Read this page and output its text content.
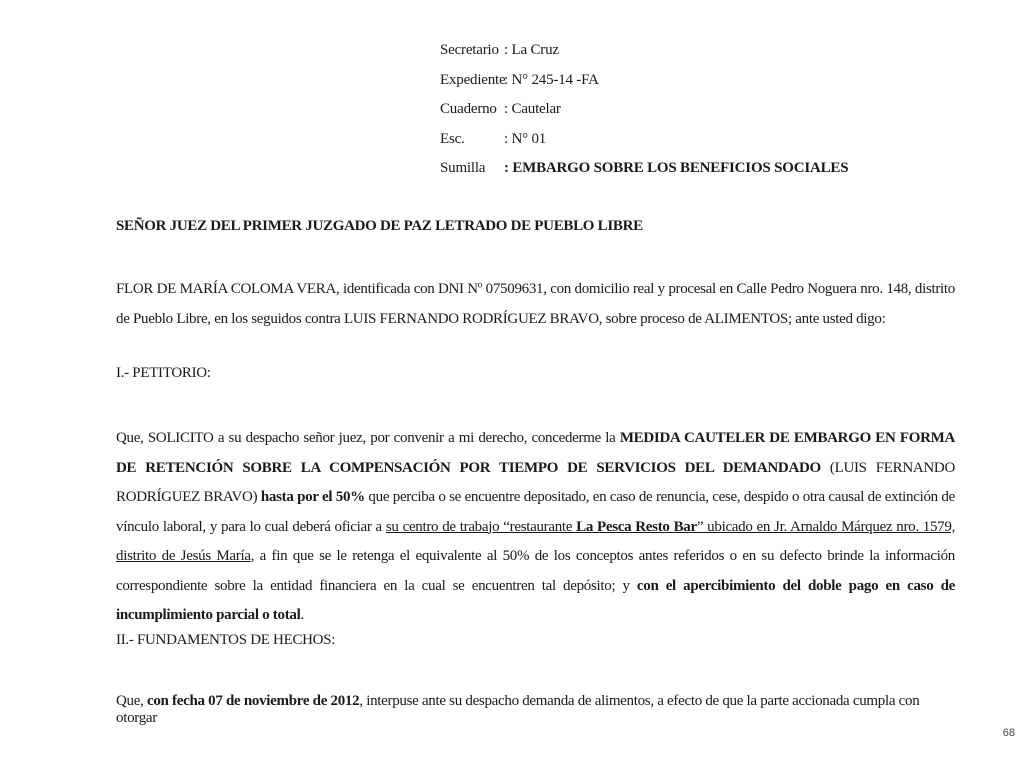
Secretario : La Cruz
Expediente: N° 245-14 -FA
Cuaderno : Cautelar
Esc.	: N° 01
Sumilla : EMBARGO SOBRE LOS BENEFICIOS SOCIALES
SEÑOR JUEZ DEL PRIMER JUZGADO DE PAZ LETRADO DE PUEBLO LIBRE
FLOR DE MARÍA COLOMA VERA, identificada con DNI Nº 07509631, con domicilio real y procesal en Calle Pedro Noguera nro. 148, distrito de Pueblo Libre, en los seguidos contra LUIS FERNANDO RODRÍGUEZ BRAVO, sobre proceso de ALIMENTOS; ante usted digo:
I.- PETITORIO:
Que, SOLICITO a su despacho señor juez, por convenir a mi derecho, concederme la MEDIDA CAUTELER DE EMBARGO EN FORMA DE RETENCIÓN SOBRE LA COMPENSACIÓN POR TIEMPO DE SERVICIOS DEL DEMANDADO (LUIS FERNANDO RODRÍGUEZ BRAVO) hasta por el 50% que perciba o se encuentre depositado, en caso de renuncia, cese, despido o otra causal de extinción de vínculo laboral, y para lo cual deberá oficiar a su centro de trabajo “restaurante La Pesca Resto Bar” ubicado en Jr. Arnaldo Márquez nro. 1579, distrito de Jesús María, a fin que se le retenga el equivalente al 50% de los conceptos antes referidos o en su defecto brinde la información correspondiente sobre la entidad financiera en la cual se encuentren tal depósito; y con el apercibimiento del doble pago en caso de incumplimiento parcial o total.
II.- FUNDAMENTOS DE HECHOS:
Que, con fecha 07 de noviembre de 2012, interpuse ante su despacho demanda de alimentos, a efecto de que la parte accionada cumpla con otorgar
68
